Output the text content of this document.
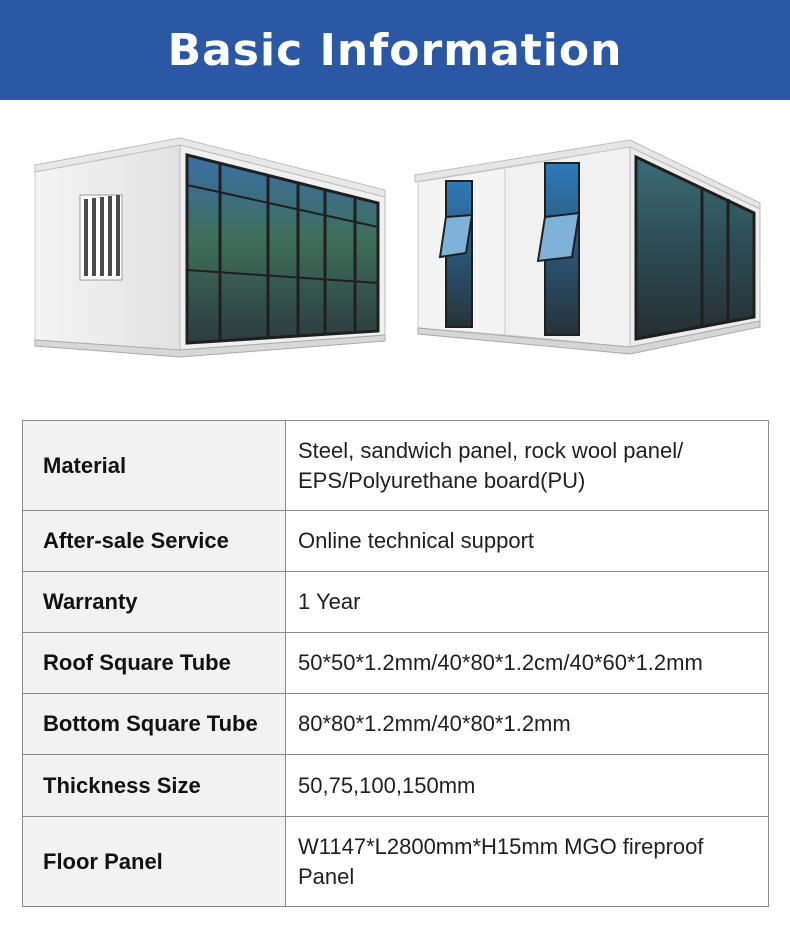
Basic Information
Material	Steel, sandwich panel, rock wool panel/ EPS/Polyurethane board(PU)
After-sale Service	Online technical support
Warranty	1 Year
Roof Square Tube	50*50*1.2mm/40*80*1.2cm/40*60*1.2mm
Bottom Square Tube	80*80*1.2mm/40*80*1.2mm
Thickness Size	50,75,100,150mm
Floor Panel	W1147*L2800mm*H15mm MGO fireproof Panel
